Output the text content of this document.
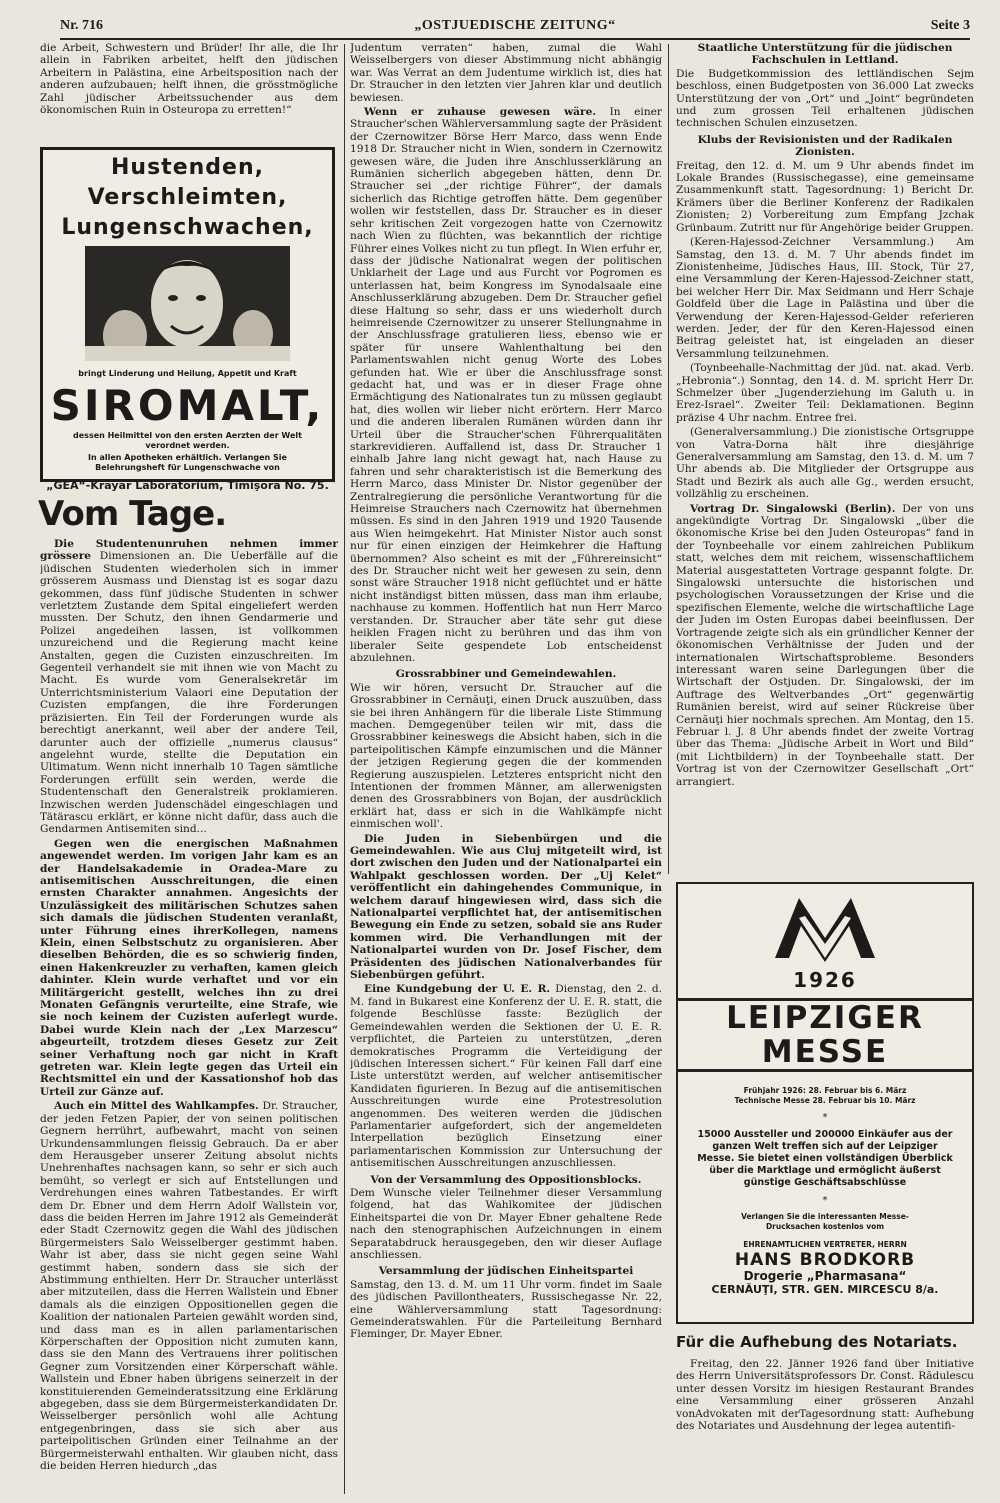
Nr. 716	„OSTJUEDISCHE ZEITUNG“	Seite 3

die Arbeit, Schwestern und Brüder! Ihr alle, die Ihr allein in Fabriken arbeitet, helft den jüdischen Arbeitern in Palästina, eine Arbeitsposition nach der anderen aufzubauen; helft ihnen, die grösstmögliche Zahl jüdischer Arbeitssuchender aus dem ökonomischen Ruin in Osteuropa zu erretten!“

Hustenden,
Verschleimten,
Lungenschwachen,
bringt Linderung und Heilung, Appetit und Kraft
SIROMALT,
dessen Heilmittel von den ersten Aerzten der Welt verordnet werden.
In allen Apotheken erhältlich. Verlangen Sie Belehrungsheft für Lungenschwache von
„GEA“-Krayar Laboratorium, Timişora No. 75.
Vom Tage.

Die Studentenunruhen nehmen immer grössere Dimensionen an. Die Ueberfälle auf die jüdischen Studenten wiederholen sich in immer grösserem Ausmass und Dienstag ist es sogar dazu gekommen, dass fünf jüdische Studenten in schwer verletztem Zustande dem Spital eingeliefert werden mussten. Der Schutz, den ihnen Gendarmerie und Polizei angedeihen lassen, ist vollkommen unzureichend und die Regierung macht keine Anstalten, gegen die Cuzisten einzuschreiten. Im Gegenteil verhandelt sie mit ihnen wie von Macht zu Macht. Es wurde vom Generalsekretär im Unterrichtsministerium Valaori eine Deputation der Cuzisten empfangen, die ihre Forderungen präzisierten. Ein Teil der Forderungen wurde als berechtigt anerkannt, weil aber der andere Teil, darunter auch der offizielle „numerus clausus“ angelehnt wurde, stellte die Deputation ein Ultimatum. Wenn nicht innerhalb 10 Tagen sämtliche Forderungen erfüllt sein werden, werde die Studentenschaft den Generalstreik proklamieren. Inzwischen werden Judenschädel eingeschlagen und Tätärascu erklärt, er könne nicht dafür, dass auch die Gendarmen Antisemiten sind...

Gegen wen die energischen Maßnahmen angewendet werden. Im vorigen Jahr kam es an der Handelsakademie in Oradea-Mare zu antisemitischen Ausschreitungen, die einen ernsten Charakter annahmen. Angesichts der Unzulässigkeit des militärischen Schutzes sahen sich damals die jüdischen Studenten veranlaßt, unter Führung eines ihrerKollegen, namens Klein, einen Selbstschutz zu organisieren. Aber dieselben Behörden, die es so schwierig finden, einen Hakenkreuzler zu verhaften, kamen gleich dahinter. Klein wurde verhaftet und vor ein Militärgericht gestellt, welches ihn zu drei Monaten Gefängnis verurteilte, eine Strafe, wie sie noch keinem der Cuzisten auferlegt wurde. Dabei wurde Klein nach der „Lex Marzescu“ abgeurteilt, trotzdem dieses Gesetz zur Zeit seiner Verhaftung noch gar nicht in Kraft getreten war. Klein legte gegen das Urteil ein Rechtsmittel ein und der Kassationshof hob das Urteil zur Gänze auf.

Auch ein Mittel des Wahlkampfes. Dr. Straucher, der jeden Fetzen Papier, der von seinen politischen Gegnern herrührt, aufbewahrt, macht von seinen Urkundensammlungen fleissig Gebrauch. Da er aber dem Herausgeber unserer Zeitung absolut nichts Unehrenhaftes nachsagen kann, so sehr er sich auch bemüht, so verlegt er sich auf Entstellungen und Verdrehungen eines wahren Tatbestandes. Er wirft dem Dr. Ebner und dem Herrn Adolf Wallstein vor, dass die beiden Herren im Jahre 1912 als Gemeinderät eder Stadt Czernowitz gegen die Wahl des jüdischen Bürgermeisters Salo Weisselberger gestimmt haben. Wahr ist aber, dass sie nicht gegen seine Wahl gestimmt haben, sondern dass sie sich der Abstimmung enthielten. Herr Dr. Straucher unterlässt aber mitzuteilen, dass die Herren Wallstein und Ebner damals als die einzigen Oppositionellen gegen die Koalition der nationalen Parteien gewählt worden sind, und dass man es in allen parlamentarischen Körperschaften der Opposition nicht zumuten kann, dass sie den Mann des Vertrauens ihrer politischen Gegner zum Vorsitzenden einer Körperschaft wähle. Wallstein und Ebner haben übrigens seinerzeit in der konstituierenden Gemeinderatssitzung eine Erklärung abgegeben, dass sie dem Bürgermeisterkandidaten Dr. Weisselberger persönlich wohl alle Achtung entgegenbringen, dass sie sich aber aus parteipolitischen Gründen einer Teilnahme an der Bürgermeisterwahl enthalten. Wir glauben nicht, dass die beiden Herren hiedurch „das

Judentum verraten“ haben, zumal die Wahl Weisselbergers von dieser Abstimmung nicht abhängig war. Was Verrat an dem Judentume wirklich ist, dies hat Dr. Straucher in den letzten vier Jahren klar und deutlich bewiesen.

Wenn er zuhause gewesen wäre. In einer Straucher'schen Wählerversammlung sagte der Präsident der Czernowitzer Börse Herr Marco, dass wenn Ende 1918 Dr. Straucher nicht in Wien, sondern in Czernowitz gewesen wäre, die Juden ihre Anschlusserklärung an Rumänien sicherlich abgegeben hätten, denn Dr. Straucher sei „der richtige Führer“, der damals sicherlich das Richtige getroffen hätte. Dem gegenüber wollen wir feststellen, dass Dr. Straucher es in dieser sehr kritischen Zeit vorgezogen hatte von Czernowitz nach Wien zu flüchten, was bekanntlich der richtige Führer eines Volkes nicht zu tun pflegt. In Wien erfuhr er, dass der jüdische Nationalrat wegen der politischen Unklarheit der Lage und aus Furcht vor Pogromen es unterlassen hat, beim Kongress im Synodalsaale eine Anschlusserklärung abzugeben. Dem Dr. Straucher gefiel diese Haltung so sehr, dass er uns wiederholt durch heimreisende Czernowitzer zu unserer Stellungnahme in der Anschlussfrage gratulieren liess, ebenso wie er später für unsere Wahlenthaltung bei den Parlamentswahlen nicht genug Worte des Lobes gefunden hat. Wie er über die Anschlussfrage sonst gedacht hat, und was er in dieser Frage ohne Ermächtigung des Nationalrates tun zu müssen geglaubt hat, dies wollen wir lieber nicht erörtern. Herr Marco und die anderen liberalen Rumänen würden dann ihr Urteil über die Straucher'schen Führerqualitäten starkrevidieren. Auffallend ist, dass Dr. Straucher 1 einhalb Jahre lang nicht gewagt hat, nach Hause zu fahren und sehr charakteristisch ist die Bemerkung des Herrn Marco, dass Minister Dr. Nistor gegenüber der Zentralregierung die persönliche Verantwortung für die Heimreise Strauchers nach Czernowitz hat übernehmen müssen. Es sind in den Jahren 1919 und 1920 Tausende aus Wien heimgekehrt. Hat Minister Nistor auch sonst nur für einen einzigen der Heimkehrer die Haftung übernommen? Also scheint es mit der „Führereinsicht“ des Dr. Straucher nicht weit her gewesen zu sein, denn sonst wäre Straucher 1918 nicht geflüchtet und er hätte nicht inständigst bitten müssen, dass man ihm erlaube, nachhause zu kommen. Hoffentlich hat nun Herr Marco verstanden. Dr. Straucher aber täte sehr gut diese heiklen Fragen nicht zu berühren und das ihm von liberaler Seite gespendete Lob entscheidenst abzulehnen.

Grossrabbiner und Gemeindewahlen.

Wie wir hören, versucht Dr. Straucher auf die Grossrabbiner in Cernăuţi, einen Druck auszuüben, dass sie bei ihren Anhängern für die liberale Liste Stimmung machen. Demgegenüber teilen wir mit, dass die Grossrabbiner keineswegs die Absicht haben, sich in die parteipolitischen Kämpfe einzumischen und die Männer der jetzigen Regierung gegen die der kommenden Regierung auszuspielen. Letzteres entspricht nicht den Intentionen der frommen Männer, am allerwenigsten denen des Grossrabbiners von Bojan, der ausdrücklich erklärt hat, dass er sich in die Wahlkämpfe nicht einmischen woll'.

Die Juden in Siebenbürgen und die Gemeindewahlen. Wie aus Cluj mitgeteilt wird, ist dort zwischen den Juden und der Nationalpartei ein Wahlpakt geschlossen worden. Der „Uj Kelet“ veröffentlicht ein dahingehendes Communique, in welchem darauf hingewiesen wird, dass sich die Nationalpartei verpflichtet hat, der antisemitischen Bewegung ein Ende zu setzen, sobald sie ans Ruder kommen wird. Die Verhandlungen mit der Nationalpartei wurden von Dr. Josef Fischer, dem Präsidenten des jüdischen Nationalverbandes für Siebenbürgen geführt.

Eine Kundgebung der U. E. R. Dienstag, den 2. d. M. fand in Bukarest eine Konferenz der U. E. R. statt, die folgende Beschlüsse fasste: Bezüglich der Gemeindewahlen werden die Sektionen der U. E. R. verpflichtet, die Parteien zu unterstützen, „deren demokratisches Programm die Verteidigung der jüdischen Interessen sichert.“ Für keinen Fall darf eine Liste unterstützt werden, auf welcher antisemitischer Kandidaten figurieren. In Bezug auf die antisemitischen Ausschreitungen wurde eine Protestresolution angenommen. Des weiteren werden die jüdischen Parlamentarier aufgefordert, sich der angemeldeten Interpellation bezüglich Einsetzung einer parlamentarischen Kommission zur Untersuchung der antisemitischen Ausschreitungen anzuschliessen.

Von der Versammlung des Oppositionsblocks.

Dem Wunsche vieler Teilnehmer dieser Versammlung folgend, hat das Wahlkomitee der jüdischen Einheitspartei die von Dr. Mayer Ebner gehaltene Rede nach den stenographischen Aufzeichnungen in einem Separatabdruck herausgegeben, den wir dieser Auflage anschliessen.

Versammlung der jüdischen Einheitspartei

Samstag, den 13. d. M. um 11 Uhr vorm. findet im Saale des jüdischen Pavillontheaters, Russischegasse Nr. 22, eine Wählerversammlung statt Tagesordnung: Gemeinderatswahlen. Für die Parteileitung Bernhard Fleminger, Dr. Mayer Ebner.

Staatliche Unterstützung für die jüdischen Fachschulen in Lettland.

Die Budgetkommission des lettländischen Sejm beschloss, einen Budgetposten von 36.000 Lat zwecks Unterstützung der von „Ort“ und „Joint“ begründeten und zum grossen Teil erhaltenen jüdischen technischen Schulen einzusetzen.

Klubs der Revisionisten und der Radikalen Zionisten.

Freitag, den 12. d. M. um 9 Uhr abends findet im Lokale Brandes (Russischegasse), eine gemeinsame Zusammenkunft statt. Tagesordnung: 1) Bericht Dr. Krämers über die Berliner Konferenz der Radikalen Zionisten; 2) Vorbereitung zum Empfang Jzchak Grünbaum. Zutritt nur für Angehörige beider Gruppen.

(Keren-Hajessod-Zeichner Versammlung.) Am Samstag, den 13. d. M. 7 Uhr abends findet im Zionistenheime, Jüdisches Haus, III. Stock, Tür 27, eine Versammlung der Keren-Hajessod-Zeichner statt, bei welcher Herr Dir. Max Seidmann und Herr Schaje Goldfeld über die Lage in Palästina und über die Verwendung der Keren-Hajessod-Gelder referieren werden. Jeder, der für den Keren-Hajessod einen Beitrag geleistet hat, ist eingeladen an dieser Versammlung teilzunehmen.

(Toynbeehalle-Nachmittag der jüd. nat. akad. Verb. „Hebronia“.) Sonntag, den 14. d. M. spricht Herr Dr. Schmelzer über „Jugenderziehung im Galuth u. in Erez-Israel“. Zweiter Teil: Deklamationen. Beginn präzise 4 Uhr nachm. Entree frei.

(Generalversammlung.) Die zionistische Ortsgruppe von Vatra-Dorna hält ihre diesjährige Generalversammlung am Samstag, den 13. d. M. um 7 Uhr abends ab. Die Mitglieder der Ortsgruppe aus Stadt und Bezirk als auch alle Gg., werden ersucht, vollzählig zu erscheinen.

Vortrag Dr. Singalowski (Berlin). Der von uns angekündigte Vortrag Dr. Singalowski „über die ökonomische Krise bei den Juden Osteuropas“ fand in der Toynbeehalle vor einem zahlreichen Publikum statt, welches dem mit reichem, wissenschaftlichem Material ausgestatteten Vortrage gespannt folgte. Dr. Singalowski untersuchte die historischen und psychologischen Voraussetzungen der Krise und die spezifischen Elemente, welche die wirtschaftliche Lage der Juden im Osten Europas dabei beeinflussen. Der Vortragende zeigte sich als ein gründlicher Kenner der ökonomischen Verhältnisse der Juden und der internationalen Wirtschaftsprobleme. Besonders interessant waren seine Darlegungen über die Wirtschaft der Ostjuden. Dr. Singalowski, der im Auftrage des Weltverbandes „Ort“ gegenwärtig Rumänien bereist, wird auf seiner Rückreise über Cernăuţi hier nochmals sprechen. Am Montag, den 15. Februar l. J. 8 Uhr abends findet der zweite Vortrag über das Thema: „Jüdische Arbeit in Wort und Bild“ (mit Lichtbildern) in der Toynbeehalle statt. Der Vortrag ist von der Czernowitzer Gesellschaft „Ort“ arrangiert.

1926
LEIPZIGER MESSE
Frühjahr 1926: 28. Februar bis 6. März
Technische Messe 28. Februar bis 10. März
*
15000 Aussteller und 200000 Einkäufer aus der ganzen Welt treffen sich auf der Leipziger Messe. Sie bietet einen vollständigen Überblick über die Marktlage und ermöglicht äußerst günstige Geschäftsabschlüsse
*
Verlangen Sie die interessanten Messe-Drucksachen kostenlos vom
EHRENAMTLICHEN VERTRETER, HERRN
HANS BRODKORB
Drogerie „Pharmasana“
CERNĂUŢI, STR. GEN. MIRCESCU 8/a.
Für die Aufhebung des Notariats.

Freitag, den 22. Jänner 1926 fand über Initiative des Herrn Universitätsprofessors Dr. Const. Rădulescu unter dessen Vorsitz im hiesigen Restaurant Brandes eine Versammlung einer grösseren Anzahl vonAdvokaten mit derTagesordnung statt: Aufhebung des Notariates und Ausdehnung der legea autentifi-
